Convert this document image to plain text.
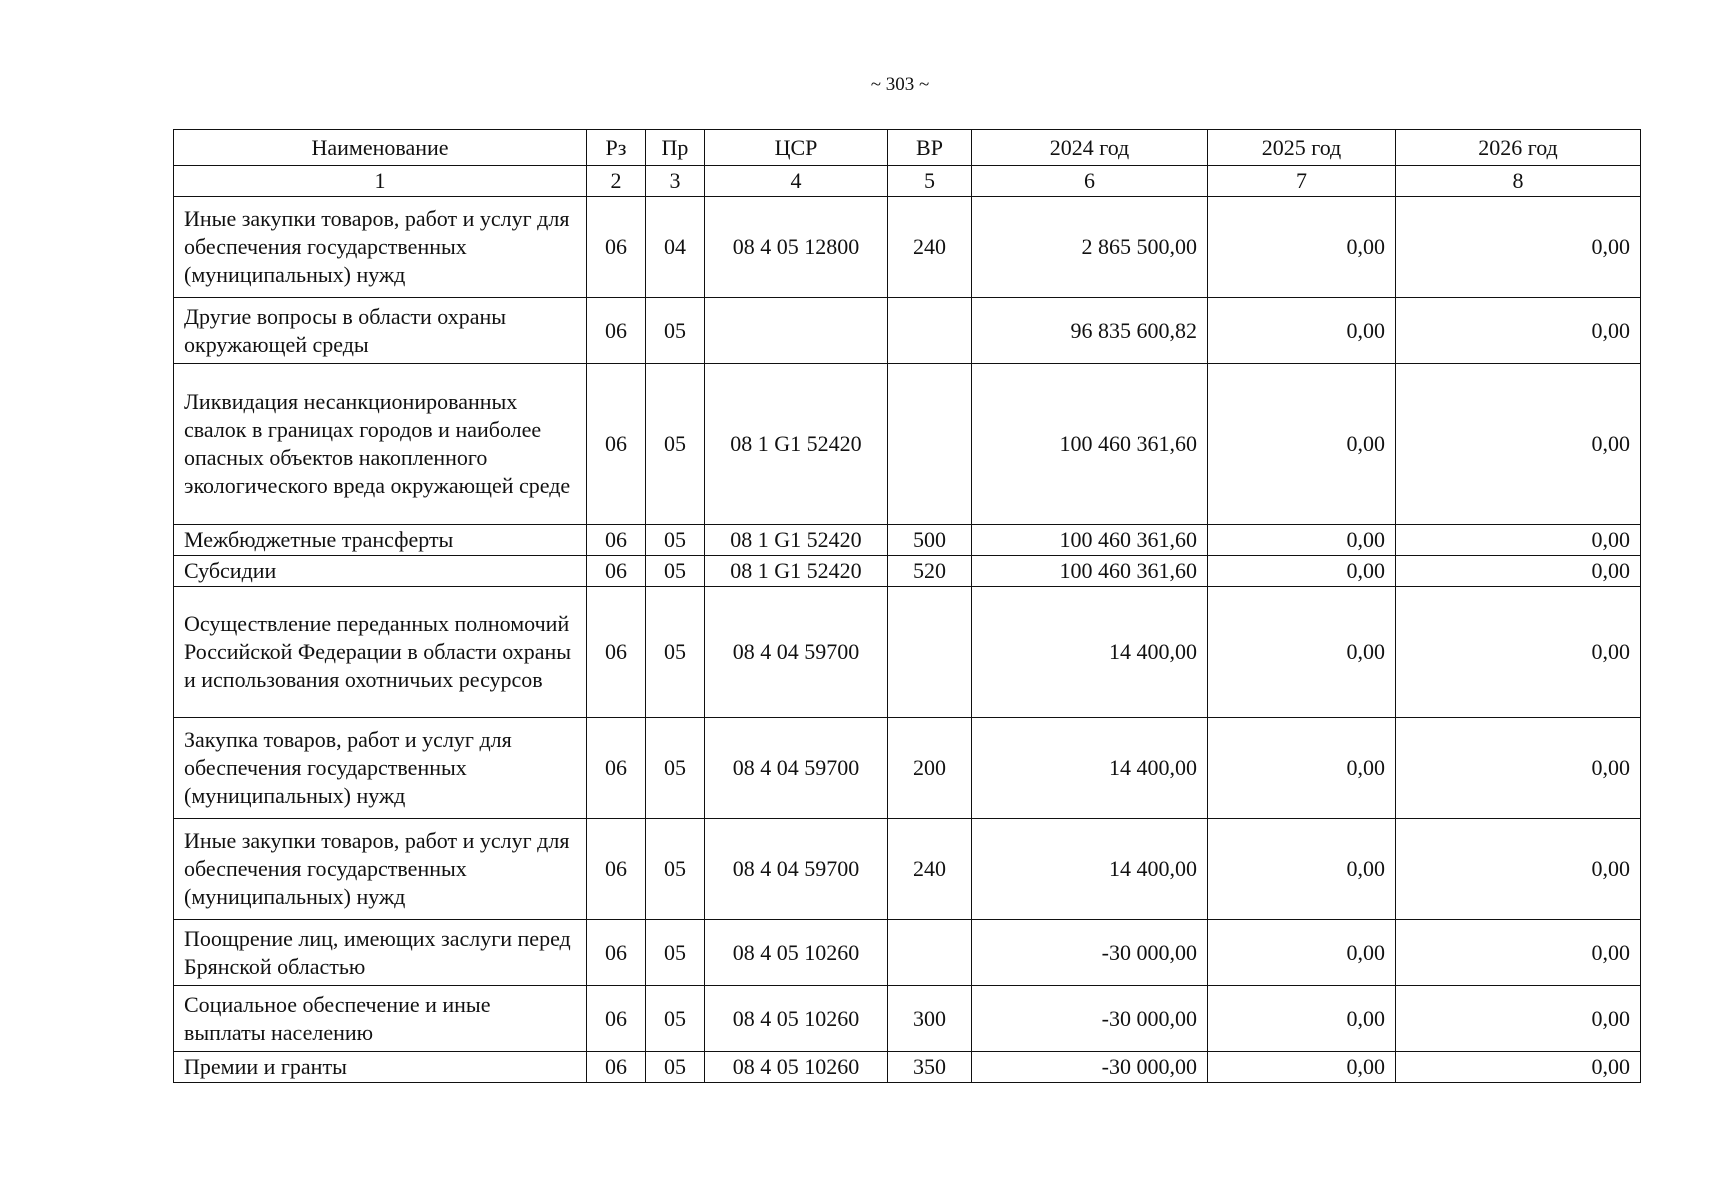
~ 303 ~
Наименование	Рз	Пр	ЦСР	ВР	2024 год	2025 год	2026 год
1	2	3	4	5	6	7	8
Иные закупки товаров, работ и услуг для обеспечения государственных (муниципальных) нужд	06	04	08 4 05 12800	240	2 865 500,00	0,00	0,00
Другие вопросы в области охраны окружающей среды	06	05			96 835 600,82	0,00	0,00
Ликвидация несанкционированных свалок в границах городов и наиболее опасных объектов накопленного экологического вреда окружающей среде	06	05	08 1 G1 52420		100 460 361,60	0,00	0,00
Межбюджетные трансферты	06	05	08 1 G1 52420	500	100 460 361,60	0,00	0,00
Субсидии	06	05	08 1 G1 52420	520	100 460 361,60	0,00	0,00
Осуществление переданных полномочий Российской Федерации в области охраны и использования охотничьих ресурсов	06	05	08 4 04 59700		14 400,00	0,00	0,00
Закупка товаров, работ и услуг для обеспечения государственных (муниципальных) нужд	06	05	08 4 04 59700	200	14 400,00	0,00	0,00
Иные закупки товаров, работ и услуг для обеспечения государственных (муниципальных) нужд	06	05	08 4 04 59700	240	14 400,00	0,00	0,00
Поощрение лиц, имеющих заслуги перед Брянской областью	06	05	08 4 05 10260		-30 000,00	0,00	0,00
Социальное обеспечение и иные выплаты населению	06	05	08 4 05 10260	300	-30 000,00	0,00	0,00
Премии и гранты	06	05	08 4 05 10260	350	-30 000,00	0,00	0,00
